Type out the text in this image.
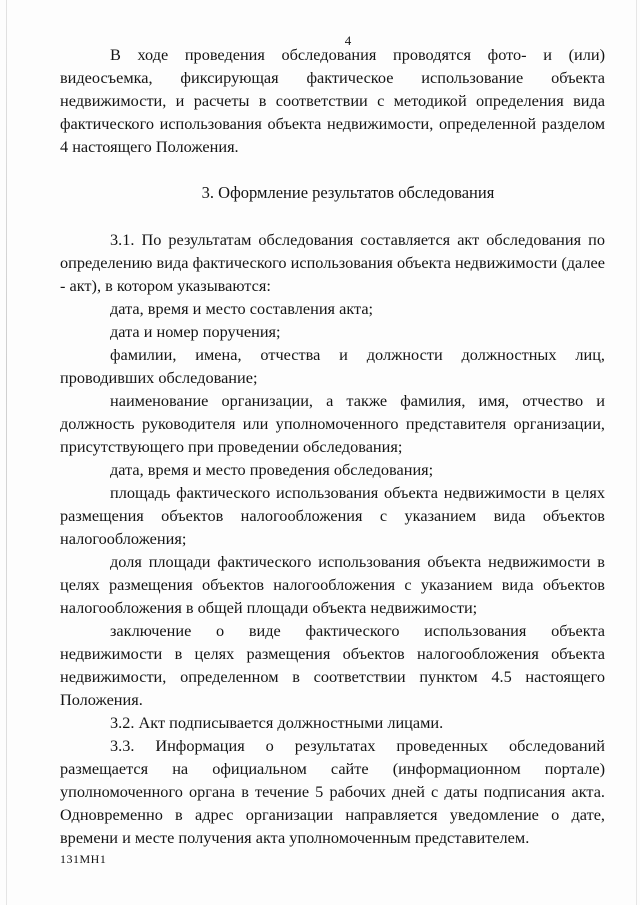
4
В ходе проведения обследования проводятся фото- и (или) видеосъемка, фиксирующая фактическое использование объекта недвижимости, и расчеты в соответствии с методикой определения вида фактического использования объекта недвижимости, определенной разделом 4 настоящего Положения.
3. Оформление результатов обследования
3.1. По результатам обследования составляется акт обследования по определению вида фактического использования объекта недвижимости (далее - акт), в котором указываются:
дата, время и место составления акта;
дата и номер поручения;
фамилии, имена, отчества и должности должностных лиц, проводивших обследование;
наименование организации, а также фамилия, имя, отчество и должность руководителя или уполномоченного представителя организации, присутствующего при проведении обследования;
дата, время и место проведения обследования;
площадь фактического использования объекта недвижимости в целях размещения объектов налогообложения с указанием вида объектов налогообложения;
доля площади фактического использования объекта недвижимости в целях размещения объектов налогообложения с указанием вида объектов налогообложения в общей площади объекта недвижимости;
заключение о виде фактического использования объекта недвижимости в целях размещения объектов налогообложения объекта недвижимости, определенном в соответствии пунктом 4.5 настоящего Положения.
3.2. Акт подписывается должностными лицами.
3.3. Информация о результатах проведенных обследований размещается на официальном сайте (информационном портале) уполномоченного органа в течение 5 рабочих дней с даты подписания акта. Одновременно в адрес организации направляется уведомление о дате, времени и месте получения акта уполномоченным представителем.
131MH1
